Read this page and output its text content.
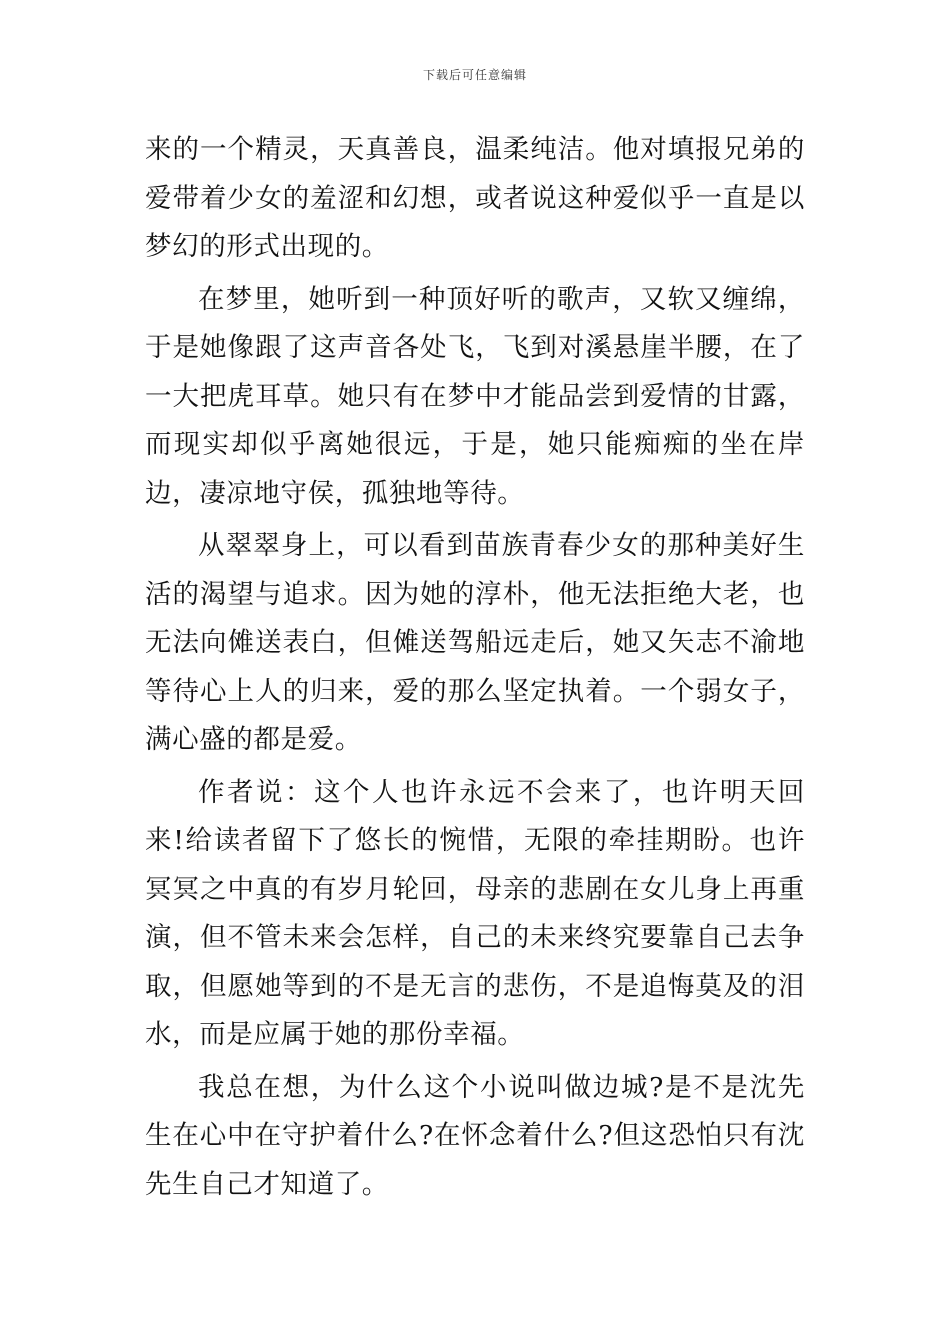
下载后可任意编辑

来的一个精灵，天真善良，温柔纯洁。他对填报兄弟的爱带着少女的羞涩和幻想，或者说这种爱似乎一直是以梦幻的形式出现的。

在梦里，她听到一种顶好听的歌声，又软又缠绵，于是她像跟了这声音各处飞，飞到对溪悬崖半腰，在了一大把虎耳草。她只有在梦中才能品尝到爱情的甘露，而现实却似乎离她很远，于是，她只能痴痴的坐在岸边，凄凉地守侯，孤独地等待。

从翠翠身上，可以看到苗族青春少女的那种美好生活的渴望与追求。因为她的淳朴，他无法拒绝大老，也无法向傩送表白，但傩送驾船远走后，她又矢志不渝地等待心上人的归来，爱的那么坚定执着。一个弱女子，满心盛的都是爱。

作者说：这个人也许永远不会来了，也许明天回来!给读者留下了悠长的惋惜，无限的牵挂期盼。也许冥冥之中真的有岁月轮回，母亲的悲剧在女儿身上再重演，但不管未来会怎样，自己的未来终究要靠自己去争取，但愿她等到的不是无言的悲伤，不是追悔莫及的泪水，而是应属于她的那份幸福。

我总在想，为什么这个小说叫做边城?是不是沈先生在心中在守护着什么?在怀念着什么?但这恐怕只有沈先生自己才知道了。
